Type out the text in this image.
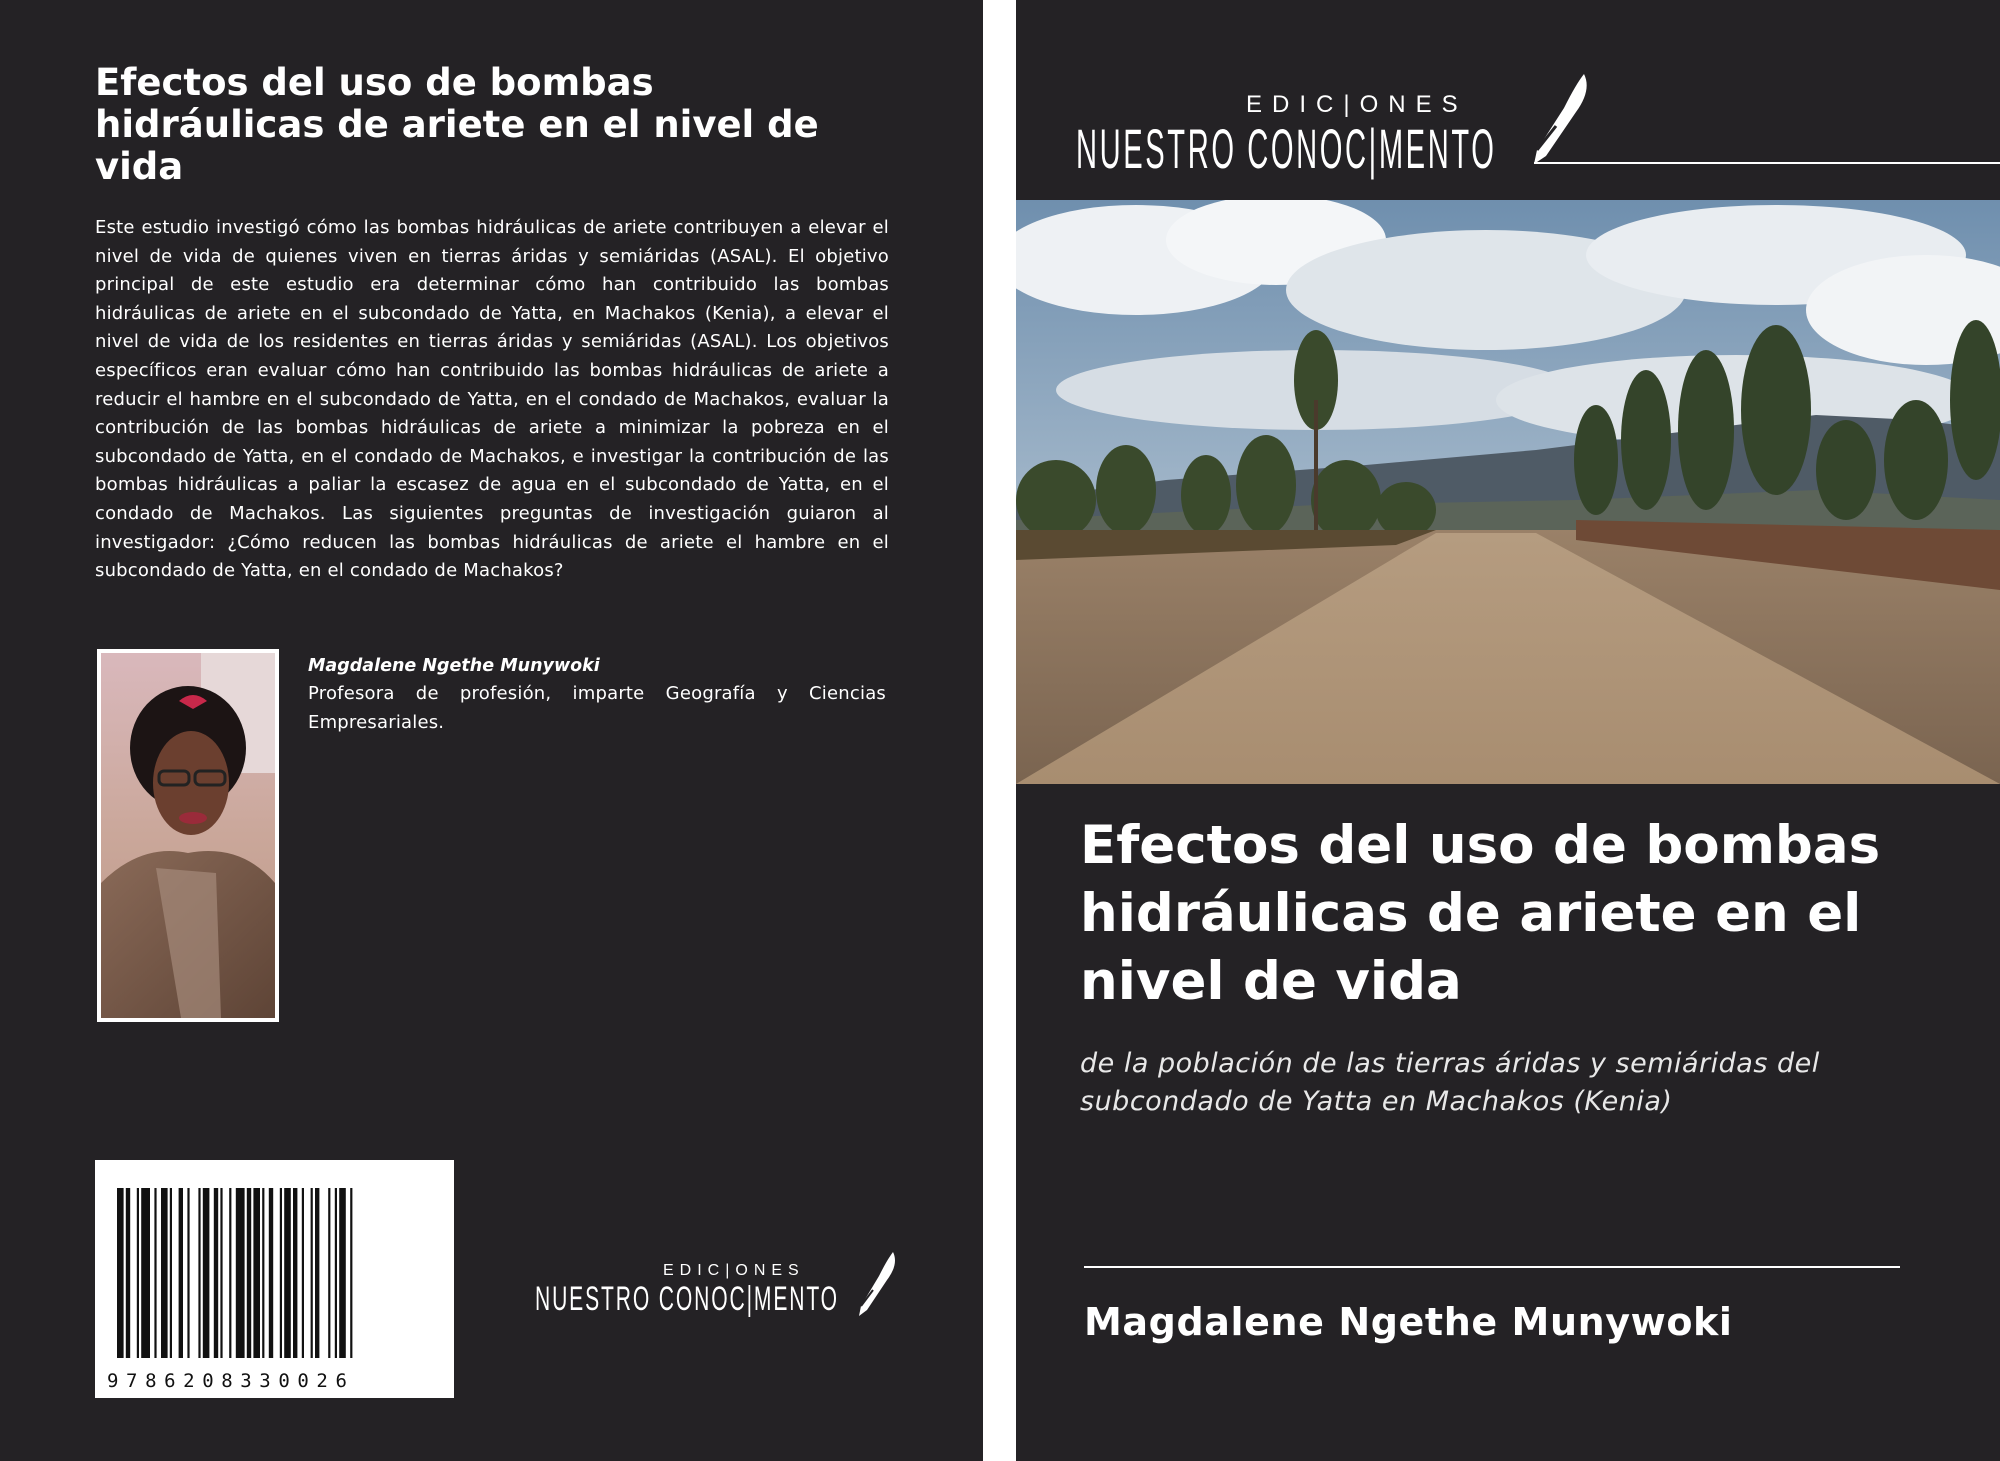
Efectos del uso de bombas hidráulicas de ariete en el nivel de vida

Este estudio investigó cómo las bombas hidráulicas de ariete contribuyen a elevar el nivel de vida de quienes viven en tierras áridas y semiáridas (ASAL). El objetivo principal de este estudio era determinar cómo han contribuido las bombas hidráulicas de ariete en el subcondado de Yatta, en Machakos (Kenia), a elevar el nivel de vida de los residentes en tierras áridas y semiáridas (ASAL). Los objetivos específicos eran evaluar cómo han contribuido las bombas hidráulicas de ariete a reducir el hambre en el subcondado de Yatta, en el condado de Machakos, evaluar la contribución de las bombas hidráulicas de ariete a minimizar la pobreza en el subcondado de Yatta, en el condado de Machakos, e investigar la contribución de las bombas hidráulicas a paliar la escasez de agua en el subcondado de Yatta, en el condado de Machakos. Las siguientes preguntas de investigación guiaron al investigador: ¿Cómo reducen las bombas hidráulicas de ariete el hambre en el subcondado de Yatta, en el condado de Machakos?

Magdalene Ngethe Munywoki

Profesora de profesión, imparte Geografía y Ciencias Empresariales.

9786208330026
EDIC|ONES
NUESTRO CONOC|MENTO
EDIC|ONES
NUESTRO CONOC|MENTO
Efectos del uso de bombas hidráulicas de ariete en el nivel de vida

de la población de las tierras áridas y semiáridas del subcondado de Yatta en Machakos (Kenia)

Magdalene Ngethe Munywoki
